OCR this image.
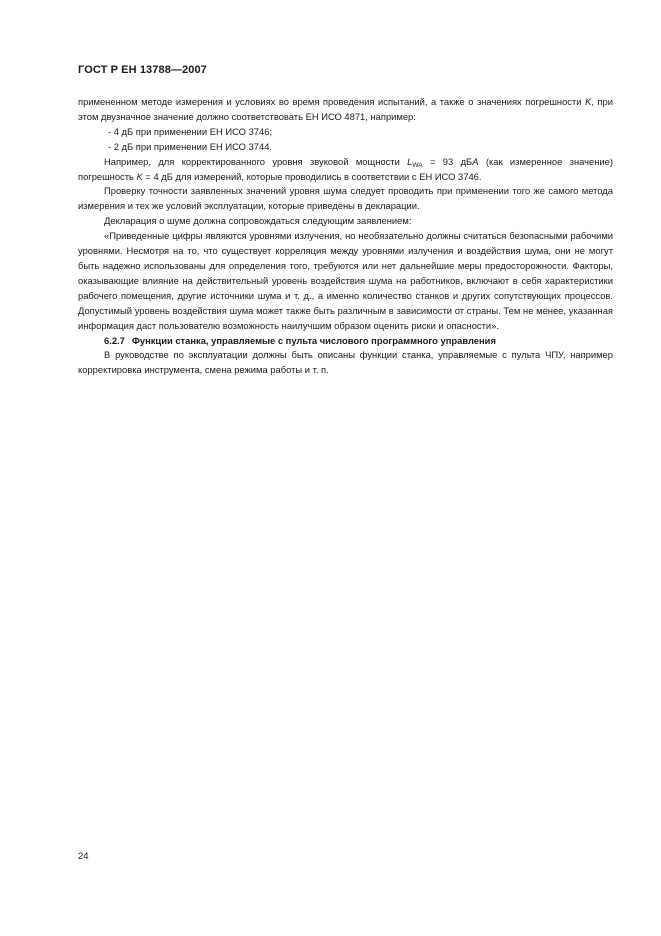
ГОСТ Р ЕН 13788—2007

примененном методе измерения и условиях во время проведения испытаний, а также о значениях погрешности K, при этом двузначное значение должно соответствовать ЕН ИСО 4871, например:

- 4 дБ при применении ЕН ИСО 3746;

- 2 дБ при применении ЕН ИСО 3744.

Например, для корректированного уровня звуковой мощности $L_{WA} = 93$ дБA (как измеренное значение) погрешность K = 4 дБ для измерений, которые проводились в соответствии с ЕН ИСО 3746.

Проверку точности заявленных значений уровня шума следует проводить при применении того же самого метода измерения и тех же условий эксплуатации, которые приведены в декларации.

Декларация о шуме должна сопровождаться следующим заявлением:

«Приведенные цифры являются уровнями излучения, но необязательно должны считаться безопасными рабочими уровнями. Несмотря на то, что существует корреляция между уровнями излучения и воздействия шума, они не могут быть надежно использованы для определения того, требуются или нет дальнейшие меры предосторожности. Факторы, оказывающие влияние на действительный уровень воздействия шума на работников, включают в себя характеристики рабочего помещения, другие источники шума и т. д., а именно количество станков и других сопутствующих процессов. Допустимый уровень воздействия шума может также быть различным в зависимости от страны. Тем не менее, указанная информация даст пользователю возможность наилучшим образом оценить риски и опасности».

6.2.7 Функции станка, управляемые с пульта числового программного управления

В руководстве по эксплуатации должны быть описаны функции станка, управляемые с пульта ЧПУ, например корректировка инструмента, смена режима работы и т. п.

24
